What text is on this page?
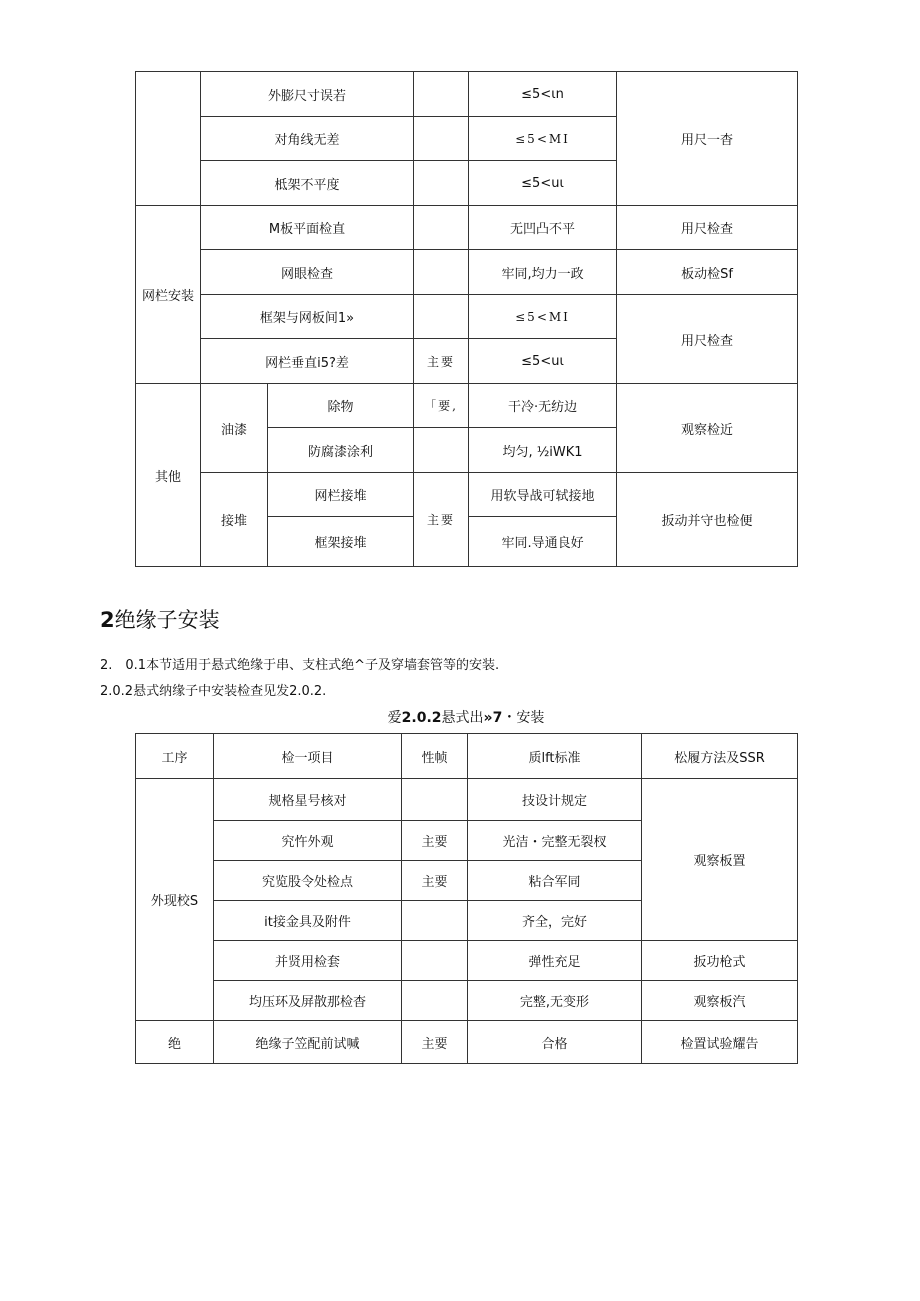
	外膨尺寸误若			≤5<ιn	用尺一杳
	对角线无差			≤5<MI	
	柢架不平度			≤5<uι	
网栏安装	M板平面检直			无凹凸不平	用尺检查
	网眼检查			牢同,均力一政	板动检Sf
	框架与网板间1»			≤5<MI	用尺检查
	网栏垂直i5?差		主要	≤5<uι	
其他	油漆	除物	「要,	干冷·无纺边	观察检近
		防腐漆涂利		均匀, ½iWK1	
	接堆	网栏接堆	主要	用软导战可轼接地	扳动并守也检便
		框架接堆		牢同.导通良好	
2绝缘子安装

2.　0.1本节适用于悬式绝缘于串、支柱式绝^子及穿墙套管等的安装.

2.0.2悬式纳缘子中安装检查见发2.0.2.

爱2.0.2悬式出»7・安装

工序	检一项目	性帧	质lft标准	松履方法及SSR
外现校S	规格星号核对		技设计规定	观察板置
	究忤外观	主要	光洁・完整无裂杈	
	究览股令处检点	主要	粘合军同	
	it接金具及附件		齐全，完好	
	并贤用检套		弹性充足	扳功枪式
	均压环及屏散那检杳		完整,无变形	观察板汽
绝	绝缘子笠配前试喊	主要	合格	检置试验耀告
